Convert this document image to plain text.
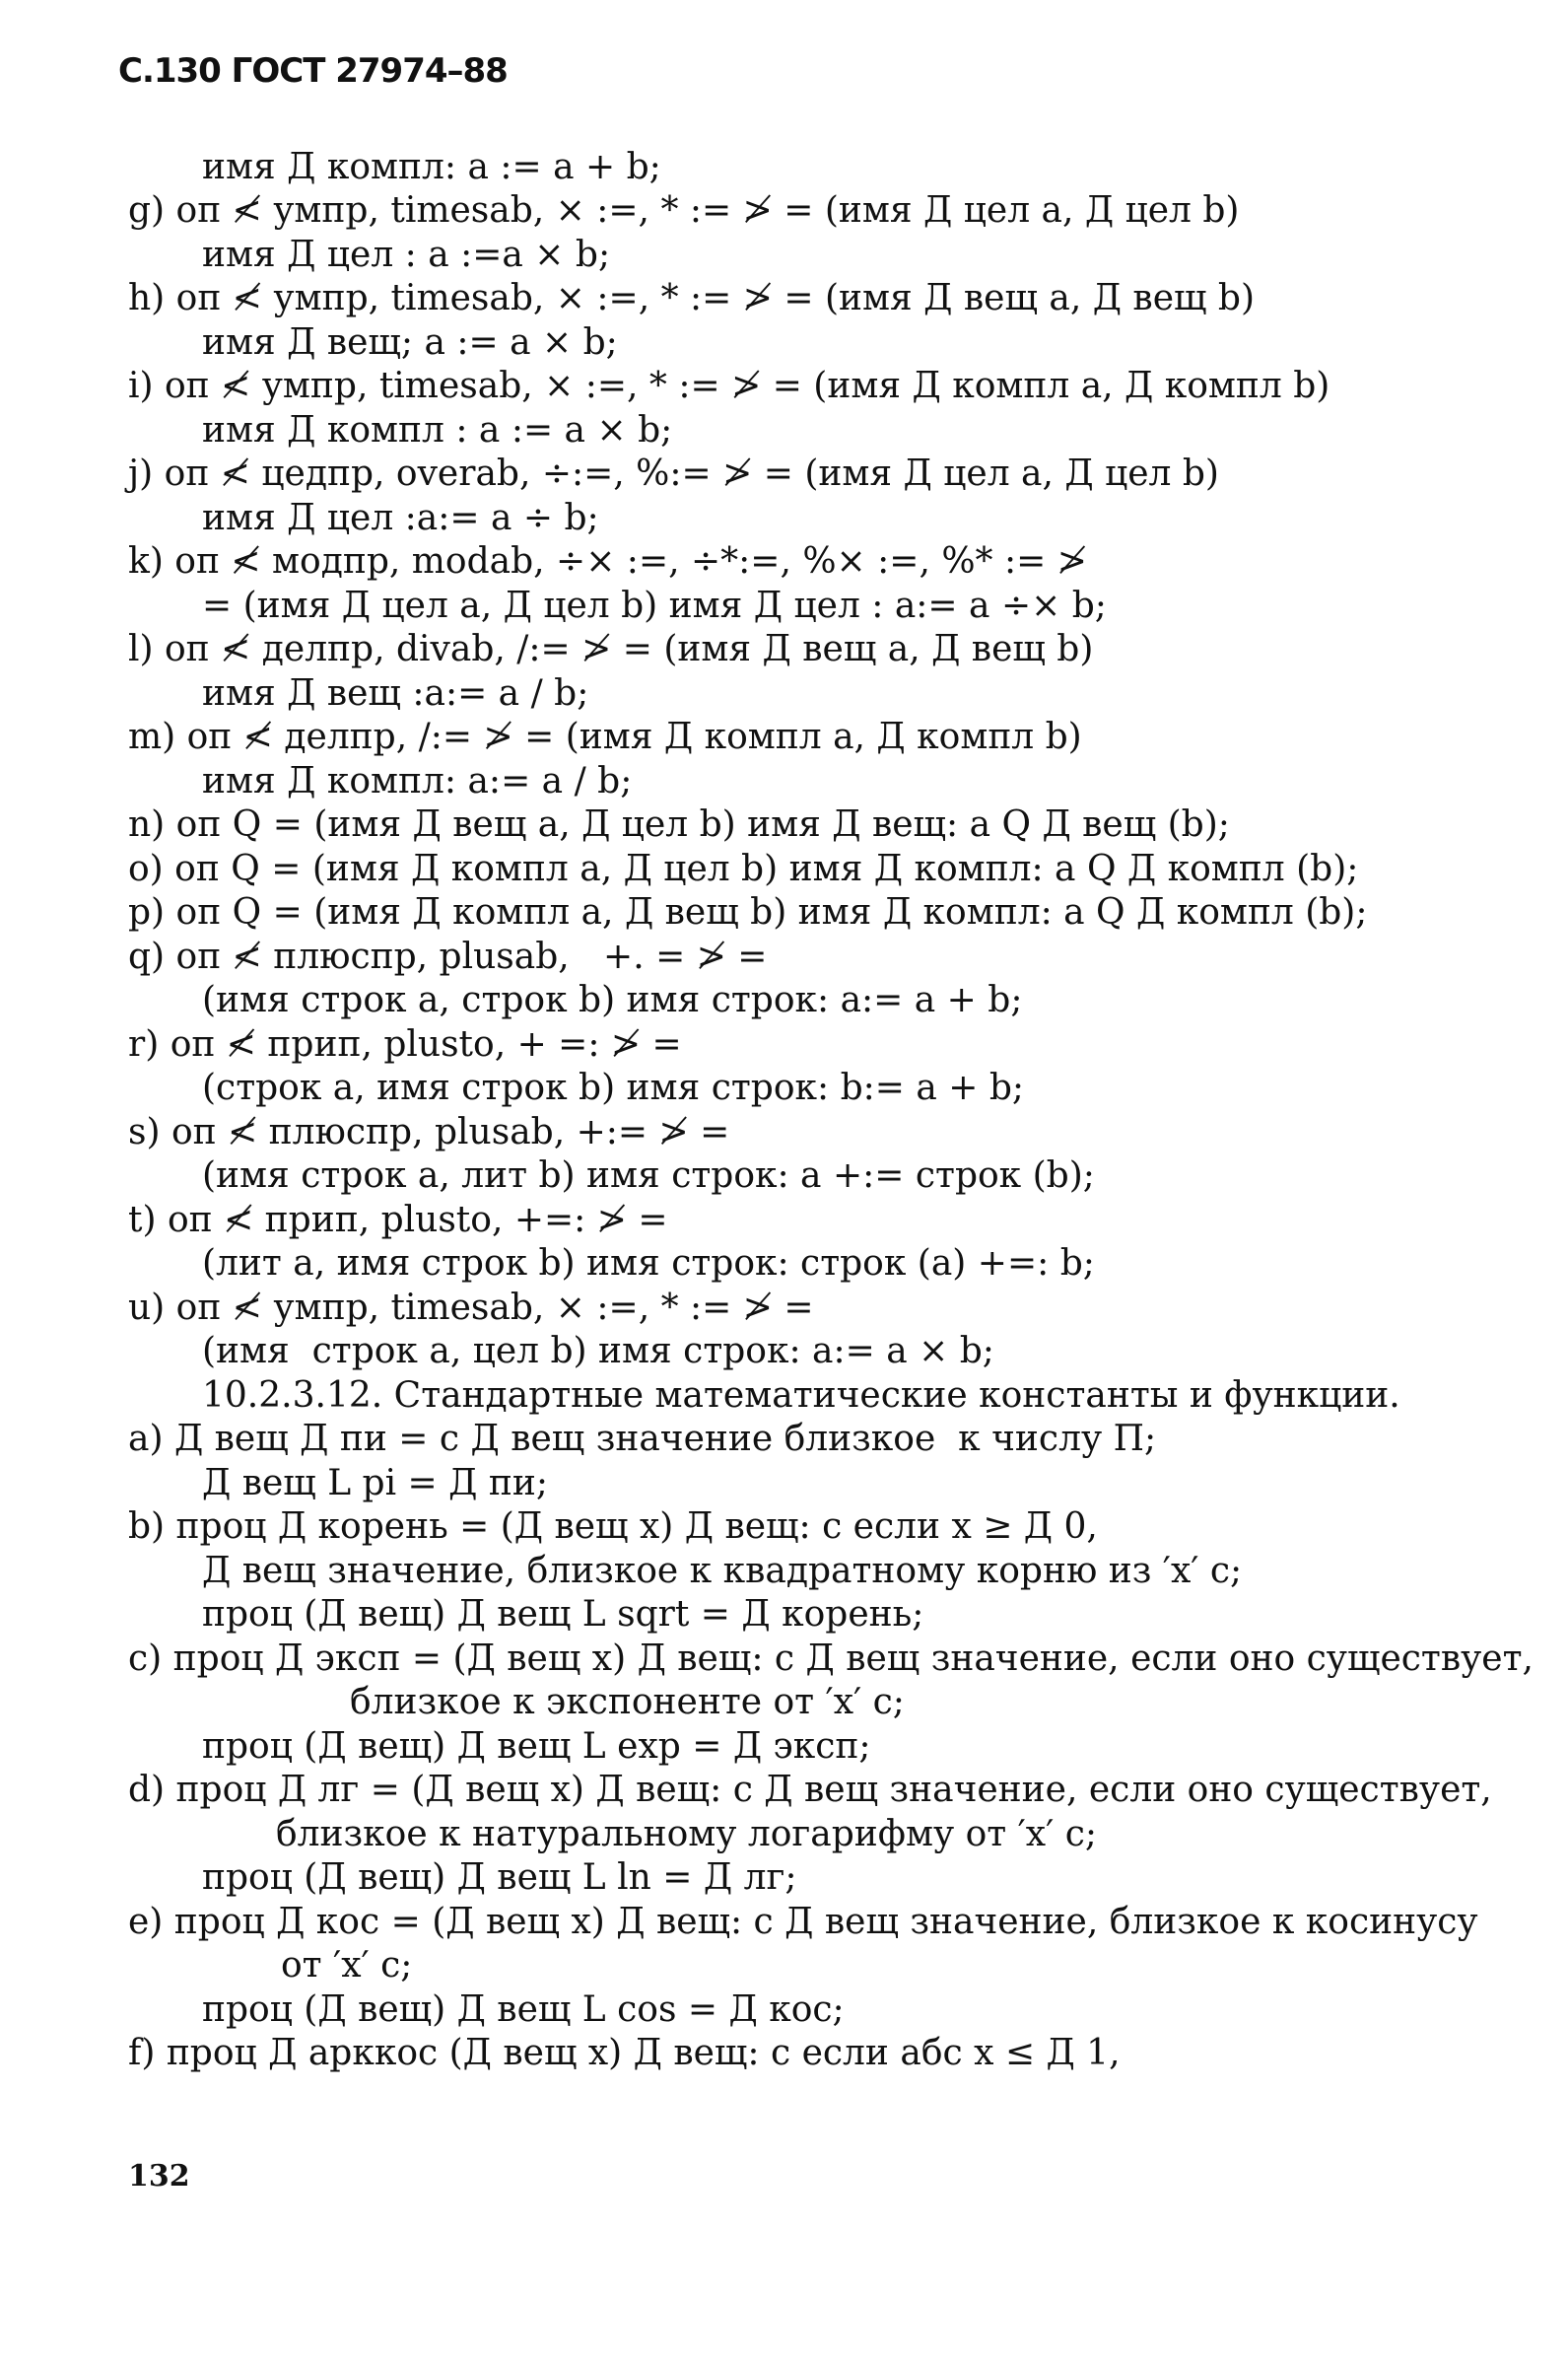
С.130 ГОСТ 27974–88
имя Д компл: a := a + b;
g) оп ≮ умпр, timesab, × :=, * := ≯ = (имя Д цел a, Д цел b)
имя Д цел : a :=a × b;
h) оп ≮ умпр, timesab, × :=, * := ≯ = (имя Д вещ a, Д вещ b)
имя Д вещ; a := a × b;
i) оп ≮ умпр, timesab, × :=, * := ≯ = (имя Д компл a, Д компл b)
имя Д компл : a := a × b;
j) оп ≮ цедпр, overab, ÷:=, %:= ≯ = (имя Д цел a, Д цел b)
имя Д цел :a:= a ÷ b;
k) оп ≮ модпр, modab, ÷× :=, ÷*:=, %× :=, %* := ≯
= (имя Д цел a, Д цел b) имя Д цел : a:= a ÷× b;
l) оп ≮ делпр, divab, /:= ≯ = (имя Д вещ a, Д вещ b)
имя Д вещ :a:= a / b;
m) оп ≮ делпр, /:= ≯ = (имя Д компл a, Д компл b)
имя Д компл: a:= a / b;
n) оп Q = (имя Д вещ a, Д цел b) имя Д вещ: a Q Д вещ (b);
o) оп Q = (имя Д компл a, Д цел b) имя Д компл: a Q Д компл (b);
p) оп Q = (имя Д компл a, Д вещ b) имя Д компл: a Q Д компл (b);
q) оп ≮ плюспр, plusab,   +. = ≯ =
(имя строк a, строк b) имя строк: a:= a + b;
r) оп ≮ прип, plusto, + =: ≯ =
(строк a, имя строк b) имя строк: b:= a + b;
s) оп ≮ плюспр, plusab, +:= ≯ =
(имя строк a, лит b) имя строк: a +:= строк (b);
t) оп ≮ прип, plusto, +=: ≯ =
(лит a, имя строк b) имя строк: строк (a) +=: b;
u) оп ≮ умпр, timesab, × :=, * := ≯ =
(имя  строк a, цел b) имя строк: a:= a × b;
10.2.3.12. Стандартные математические константы и функции.
a) Д вещ Д пи = с Д вещ значение близкое  к числу П;
Д вещ L pi = Д пи;
b) проц Д корень = (Д вещ x) Д вещ: с если x ≥ Д 0,
Д вещ значение, близкое к квадратному корню из ′x′ с;
проц (Д вещ) Д вещ L sqrt = Д корень;
c) проц Д эксп = (Д вещ x) Д вещ: с Д вещ значение, если оно существует,
близкое к экспоненте от ′x′ с;
проц (Д вещ) Д вещ L exp = Д эксп;
d) проц Д лг = (Д вещ x) Д вещ: с Д вещ значение, если оно существует,
близкое к натуральному логарифму от ′x′ с;
проц (Д вещ) Д вещ L ln = Д лг;
e) проц Д кос = (Д вещ x) Д вещ: с Д вещ значение, близкое к косинусу
от ′x′ с;
проц (Д вещ) Д вещ L cos = Д кос;
f) проц Д арккос (Д вещ x) Д вещ: с если абс x ≤ Д 1,
132
